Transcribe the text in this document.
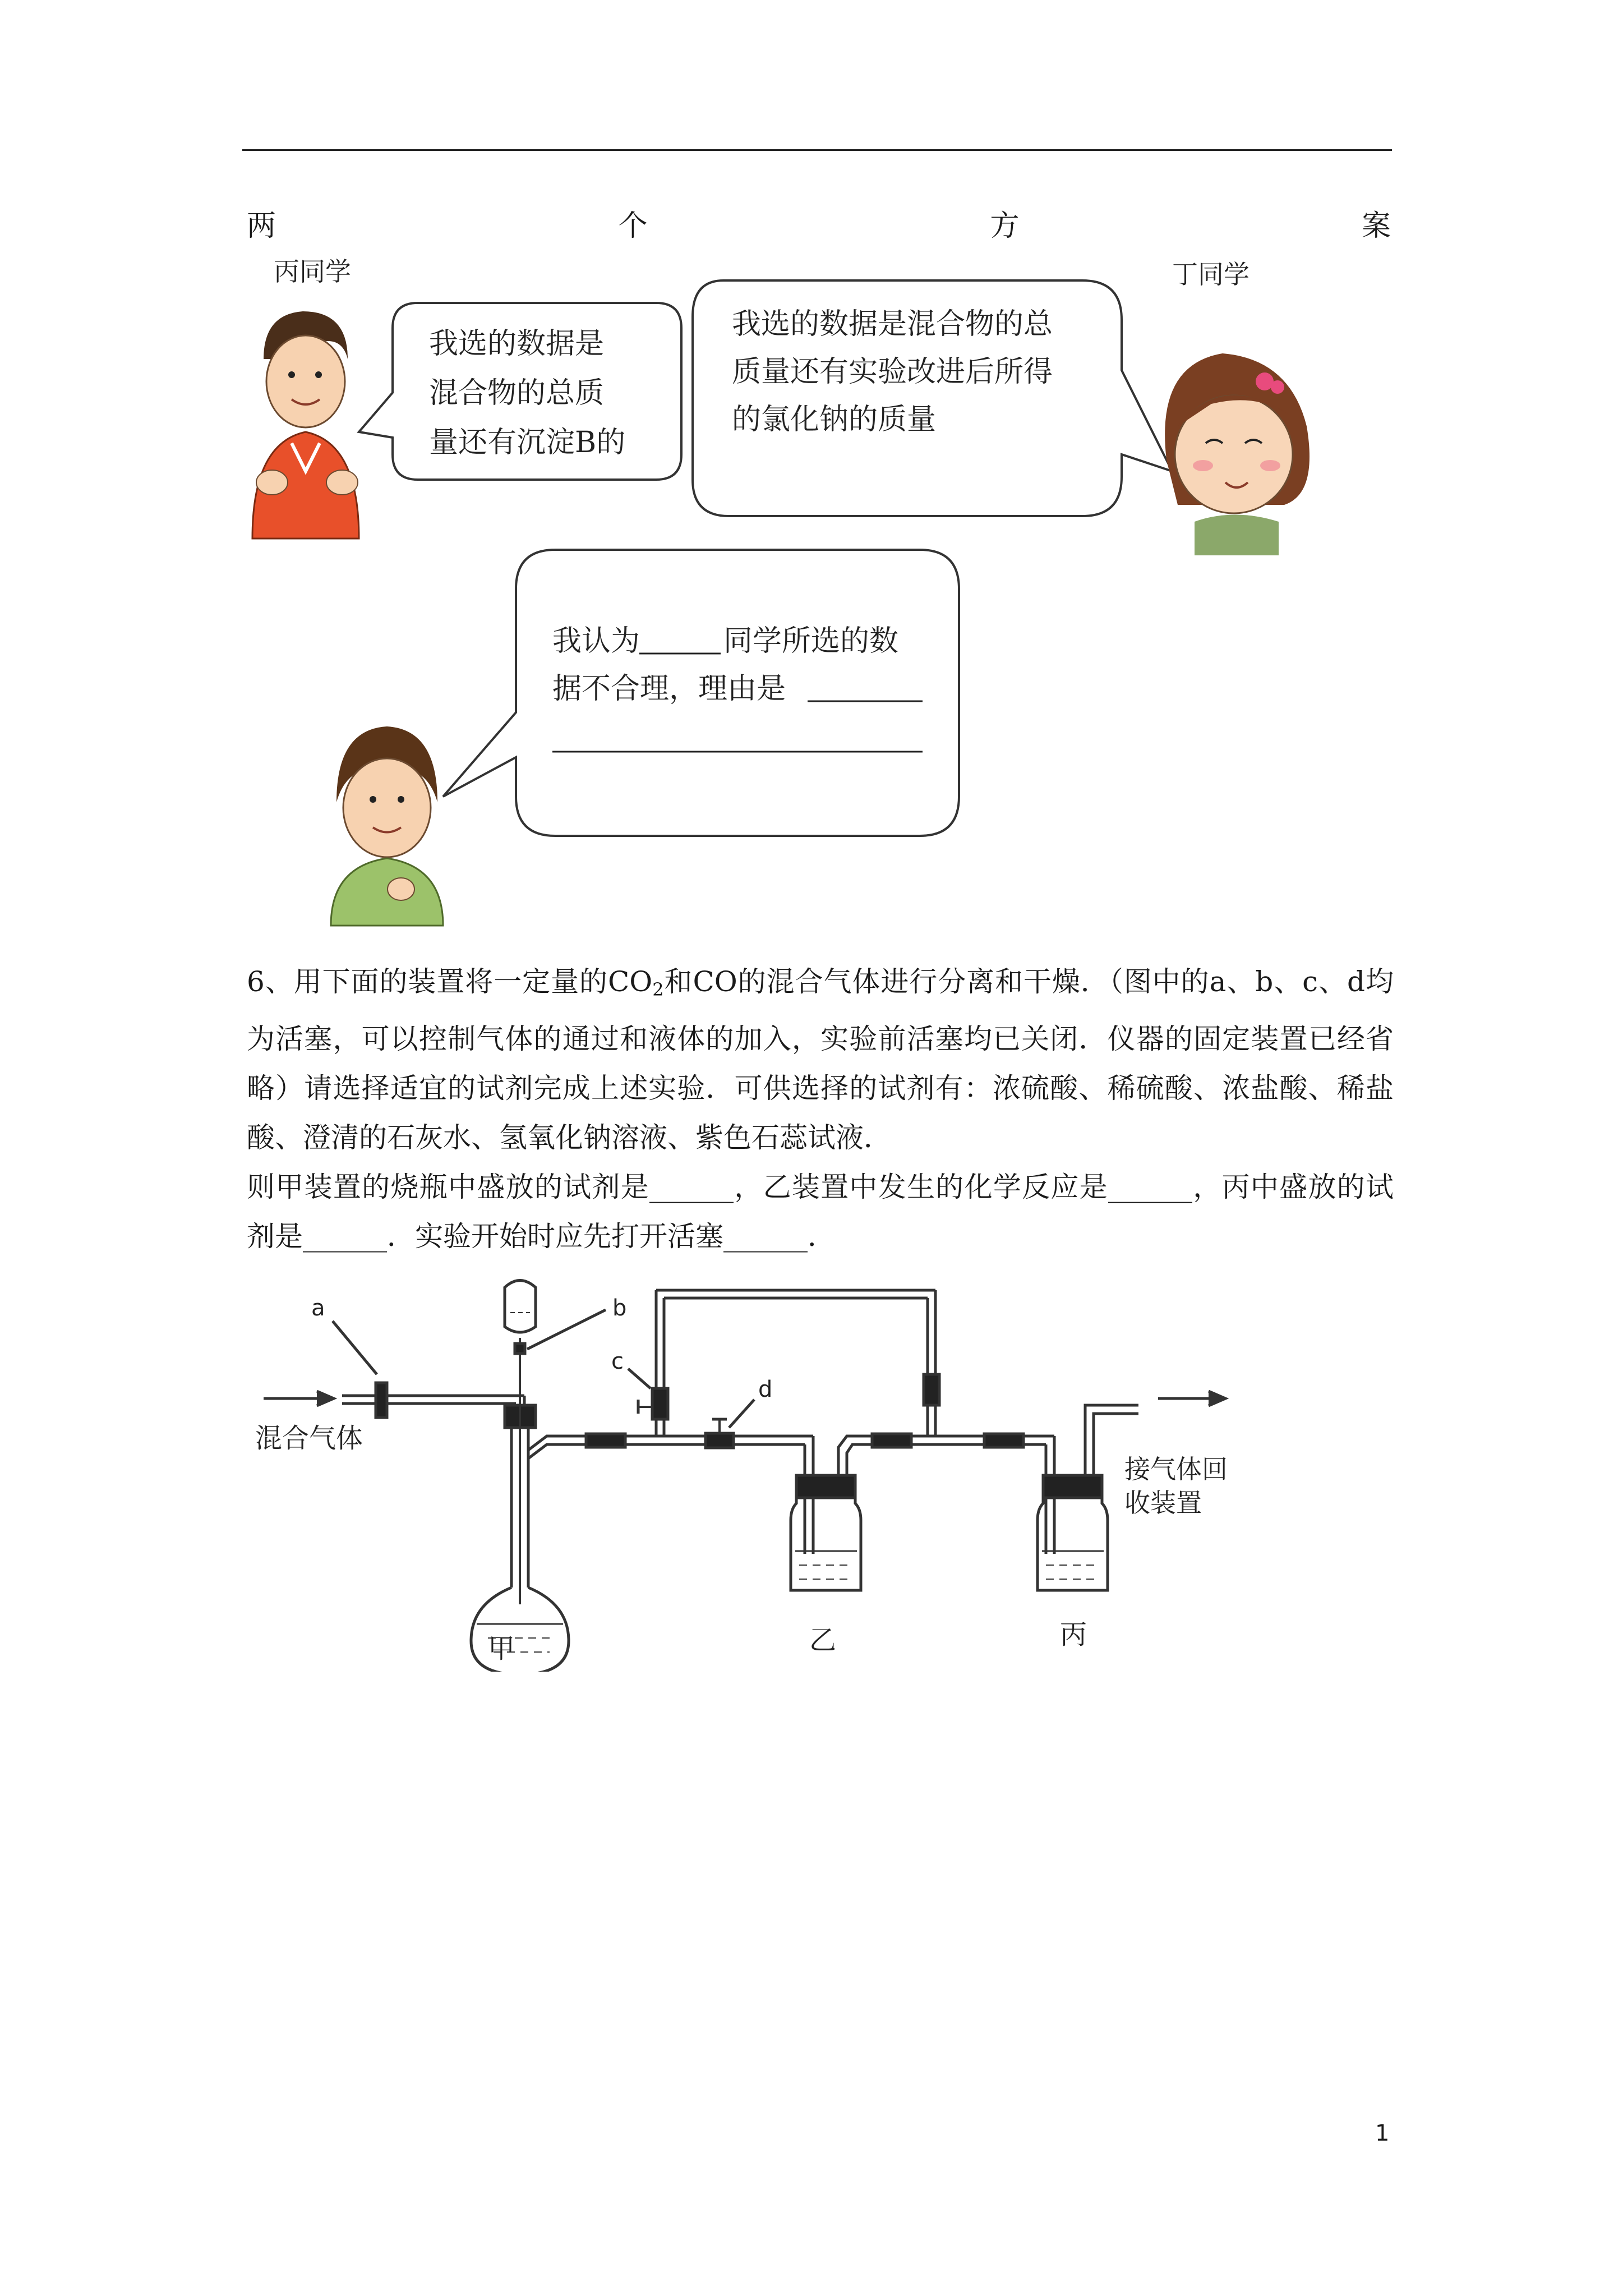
两	个	方	案
丙同学
我选的数据是
混合物的总质
量还有沉淀B的
我选的数据是混合物的总
质量还有实验改进后所得
的氯化钠的质量
丁同学
我认为	同学所选的数
据不合理，理由是
6、用下面的装置将一定量的$CO_2$和CO的混合气体进行分离和干燥．（图中的a、b、c、d均为活塞，可以控制气体的通过和液体的加入，实验前活塞均已关闭．仪器的固定装置已经省略）请选择适宜的试剂完成上述实验．可供选择的试剂有：浓硫酸、稀硫酸、浓盐酸、稀盐酸、澄清的石灰水、氢氧化钠溶液、紫色石蕊试液．
则甲装置的烧瓶中盛放的试剂是______，乙装置中发生的化学反应是______，丙中盛放的试剂是______．实验开始时应先打开活塞______．
a	b
c
d
混合气体
接气体回
收装置
甲	乙	丙
1
